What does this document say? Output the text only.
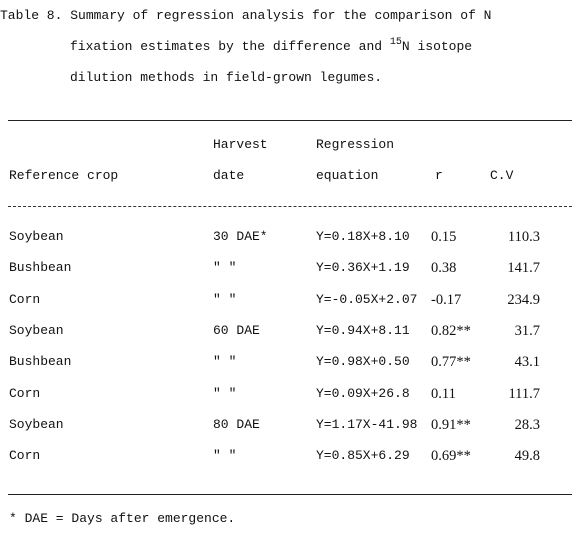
Table 8. Summary of regression analysis for the comparison of N
fixation estimates by the difference and $^{15}$N isotope
dilution methods in field-grown legumes.
Harvest	Regression
Reference crop	date	equation	r	C.V
Soybean	30 DAE*	Y=0.18X+8.10 0.15	110.3
Bushbean	" "	Y=0.36X+1.19 0.38	141.7
Corn	" "	Y=-0.05X+2.07 -0.17	234.9
Soybean	60 DAE	Y=0.94X+8.11 0.82**	31.7
Bushbean	" "	Y=0.98X+0.50 0.77**	43.1
Corn	" "	Y=0.09X+26.8 0.11	111.7
Soybean	80 DAE	Y=1.17X-41.98 0.91**	28.3
Corn	" "	Y=0.85X+6.29 0.69**	49.8
* DAE = Days after emergence.
